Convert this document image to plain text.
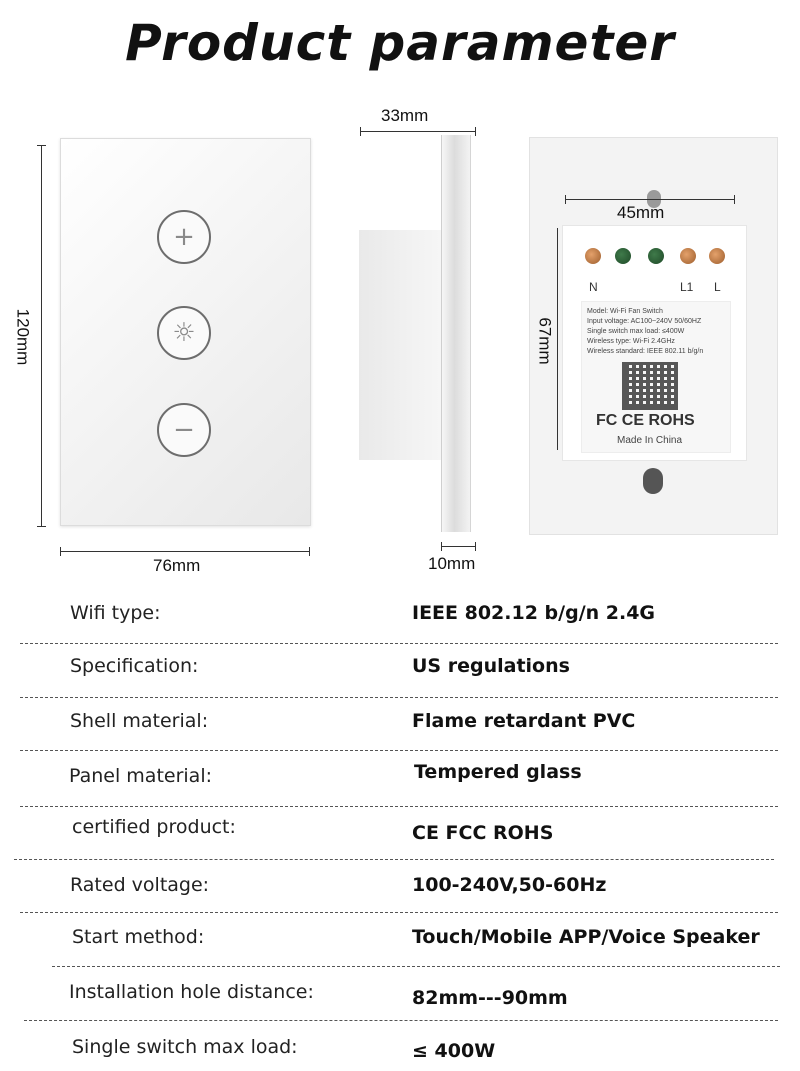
Product parameter
+
☼
−
120mm
76mm
33mm
10mm
N	L1 L
Model: Wi-Fi Fan Switch
Input voltage: AC100~240V 50/60HZ
Single switch max load: ≤400W
Wireless type: Wi-Fi 2.4GHz
Wireless standard: IEEE 802.11 b/g/n
FC CE ROHS
Made In China
45mm
67mm
Wifi type:	IEEE 802.12 b/g/n 2.4G
Specification:	US regulations
Shell material:	Flame retardant PVC
Panel material:	Tempered glass
certified product:	CE FCC ROHS
Rated voltage:	100-240V,50-60Hz
Start method:	Touch/Mobile APP/Voice Speaker
Installation hole distance:	82mm---90mm
Single switch max load:	≤ 400W
